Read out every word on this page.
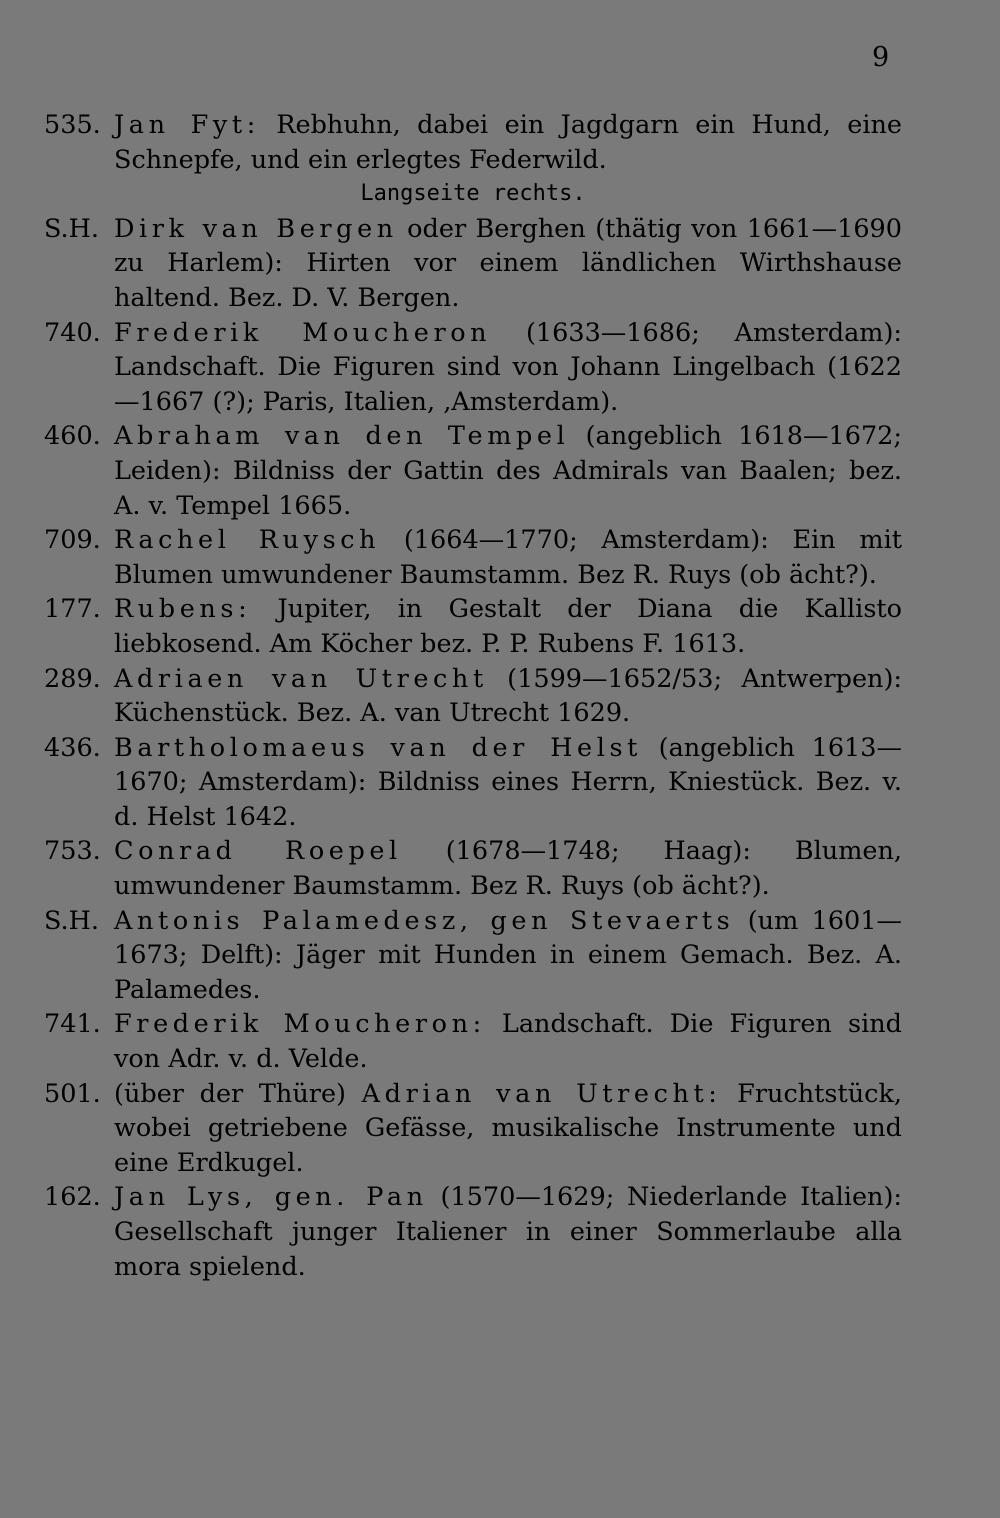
9
535. Jan Fyt: Rebhuhn, dabei ein Jagdgarn ein Hund, eine Schnepfe, und ein erlegtes Federwild.
Langseite rechts.
S.H. Dirk van Bergen oder Berghen (thätig von 1661—1690 zu Harlem): Hirten vor einem ländlichen Wirthshause haltend. Bez. D. V. Bergen.
740. Frederik Moucheron (1633—1686; Amsterdam): Landschaft. Die Figuren sind von Johann Lingelbach (1622—1667 (?); Paris, Italien, ‚Amsterdam).
460. Abraham van den Tempel (angeblich 1618—1672; Leiden): Bildniss der Gattin des Admirals van Baalen; bez. A. v. Tempel 1665.
709. Rachel Ruysch (1664—1770; Amsterdam): Ein mit Blumen umwundener Baumstamm. Bez R. Ruys (ob ächt?).
177. Rubens: Jupiter, in Gestalt der Diana die Kallisto liebkosend. Am Köcher bez. P. P. Rubens F. 1613.
289. Adriaen van Utrecht (1599—1652/53; Antwerpen): Küchenstück. Bez. A. van Utrecht 1629.
436. Bartholomaeus van der Helst (angeblich 1613—1670; Amsterdam): Bildniss eines Herrn, Kniestück. Bez. v. d. Helst 1642.
753. Conrad Roepel (1678—1748; Haag): Blumen, umwundener Baumstamm. Bez R. Ruys (ob ächt?).
S.H. Antonis Palamedesz, gen Stevaerts (um 1601—1673; Delft): Jäger mit Hunden in einem Gemach. Bez. A. Palamedes.
741. Frederik Moucheron: Landschaft. Die Figuren sind von Adr. v. d. Velde.
501. (über der Thüre) Adrian van Utrecht: Fruchtstück, wobei getriebene Gefässe, musikalische Instrumente und eine Erdkugel.
162. Jan Lys, gen. Pan (1570—1629; Niederlande Italien): Gesellschaft junger Italiener in einer Sommerlaube alla mora spielend.
